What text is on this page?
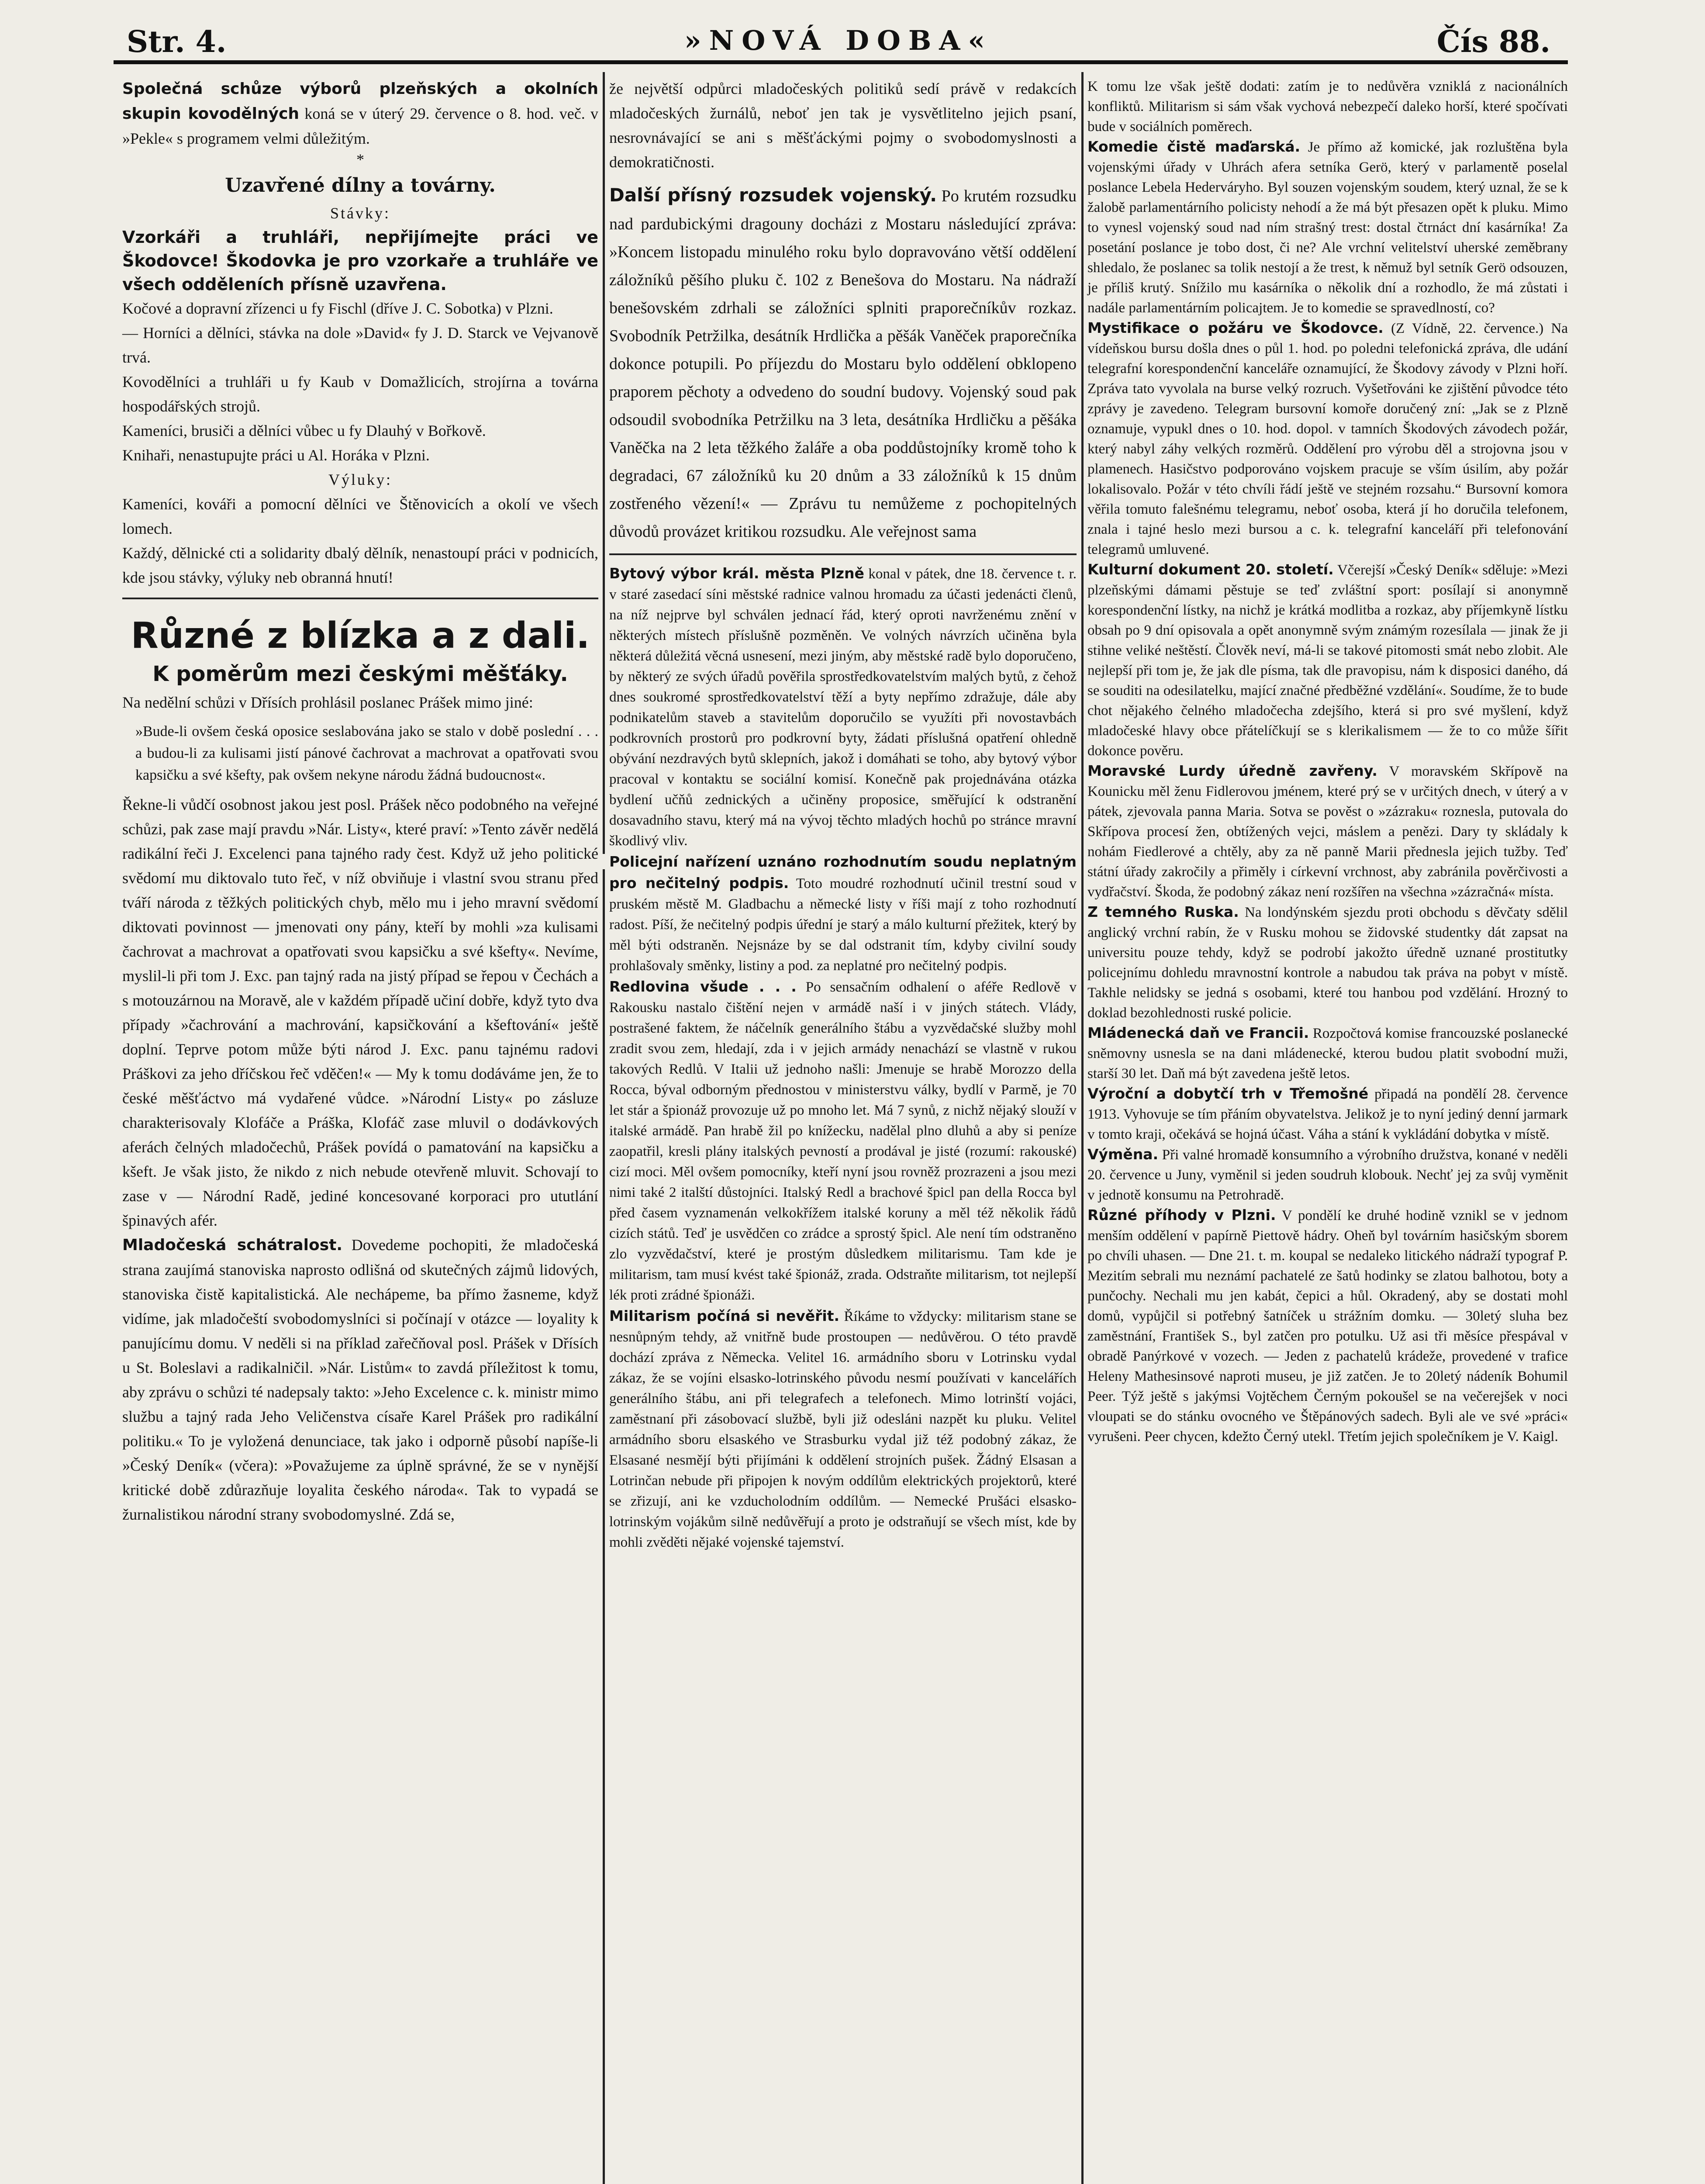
Str. 4.	»NOVÁ DOBA«	Čís 88.

Společná schůze výborů plzeňských a okolních skupin kovodělných koná se v úterý 29. července o 8. hod. več. v »Pekle« s programem velmi důležitým.

*
Uzavřené dílny a továrny.

Stávky:

Vzorkáři a truhláři, nepřijímejte práci ve Škodovce! Škodovka je pro vzorkaře a truhláře ve všech odděleních přísně uzavřena.

Kočové a dopravní zřízenci u fy Fischl (dříve J. C. Sobotka) v Plzni.

— Horníci a dělníci, stávka na dole »David« fy J. D. Starck ve Vejvanově trvá.

Kovodělníci a truhláři u fy Kaub v Domažlicích, strojírna a továrna hospodářských strojů.

Kameníci, brusiči a dělníci vůbec u fy Dlauhý v Bořkově.

Knihaři, nenastupujte práci u Al. Horáka v Plzni.

Výluky:

Kameníci, kováři a pomocní dělníci ve Štěnovicích a okolí ve všech lomech.

Každý, dělnické cti a solidarity dbalý dělník, nenastoupí práci v podnicích, kde jsou stávky, výluky neb obranná hnutí!

Různé z blízka a z dali.
K poměrům mezi českými měšťáky.

Na nedělní schůzi v Dřísích prohlásil poslanec Prášek mimo jiné:

»Bude-li ovšem česká oposice seslabována jako se stalo v době poslední . . . a budou-li za kulisami jistí pánové čachrovat a machrovat a opatřovati svou kapsičku a své kšefty, pak ovšem nekyne národu žádná budoucnost«.

Řekne-li vůdčí osobnost jakou jest posl. Prášek něco podobného na veřejné schůzi, pak zase mají pravdu »Nár. Listy«, které praví: »Tento závěr nedělá radikální řeči J. Excelenci pana tajného rady čest. Když už jeho politické svědomí mu diktovalo tuto řeč, v níž obviňuje i vlastní svou stranu před tváří národa z těžkých politických chyb, mělo mu i jeho mravní svědomí diktovati povinnost — jmenovati ony pány, kteří by mohli »za kulisami čachrovat a machrovat a opatřovati svou kapsičku a své kšefty«. Nevíme, myslil-li při tom J. Exc. pan tajný rada na jistý případ se řepou v Čechách a s motouzárnou na Moravě, ale v každém případě učiní dobře, když tyto dva případy »čachrování a machrování, kapsičkování a kšeftování« ještě doplní. Teprve potom může býti národ J. Exc. panu tajnému radovi Práškovi za jeho dříčskou řeč vděčen!« — My k tomu dodáváme jen, že to české měšťáctvo má vydařené vůdce. »Národní Listy« po zásluze charakterisovaly Klofáče a Práška, Klofáč zase mluvil o dodávkových aferách čelných mladočechů, Prášek povídá o pamatování na kapsičku a kšeft. Je však jisto, že nikdo z nich nebude otevřeně mluvit. Schovají to zase v — Národní Radě, jediné koncesované korporaci pro ututlání špinavých afér.

Mladočeská schátralost. Dovedeme pochopiti, že mladočeská strana zaujímá stanoviska naprosto odlišná od skutečných zájmů lidových, stanoviska čistě kapitalistická. Ale nechápeme, ba přímo žasneme, když vidíme, jak mladočeští svobodomyslníci si počínají v otázce — loyality k panujícímu domu. V neděli si na příklad zařečňoval posl. Prášek v Dřísích u St. Boleslavi a radikalničil. »Nár. Listům« to zavdá příležitost k tomu, aby zprávu o schůzi té nadepsaly takto: »Jeho Excelence c. k. ministr mimo službu a tajný rada Jeho Veličenstva císaře Karel Prášek pro radikální politiku.« To je vyložená denunciace, tak jako i odporně působí napíše-li »Český Deník« (včera): »Považujeme za úplně správné, že se v nynější kritické době zdůrazňuje loyalita českého národa«. Tak to vypadá se žurnalistikou národní strany svobodomyslné. Zdá se,

že největší odpůrci mladočeských politiků sedí právě v redakcích mladočeských žurnálů, neboť jen tak je vysvětlitelno jejich psaní, nesrovnávající se ani s měšťáckými pojmy o svobodomyslnosti a demokratičnosti.

Další přísný rozsudek vojenský. Po krutém rozsudku nad pardubickými dragouny docházi z Mostaru následující zpráva: »Koncem listopadu minulého roku bylo dopravováno větší oddělení záložníků pěšího pluku č. 102 z Benešova do Mostaru. Na nádraží benešovském zdrhali se záložníci splniti praporečníkův rozkaz. Svobodník Petržilka, desátník Hrdlička a pěšák Vaněček praporečníka dokonce potupili. Po příjezdu do Mostaru bylo oddělení obklopeno praporem pěchoty a odvedeno do soudní budovy. Vojenský soud pak odsoudil svobodníka Petržilku na 3 leta, desátníka Hrdličku a pěšáka Vaněčka na 2 leta těžkého žaláře a oba poddůstojníky kromě toho k degradaci, 67 záložníků ku 20 dnům a 33 záložníků k 15 dnům zostřeného vězení!« — Zprávu tu nemůžeme z pochopitelných důvodů provázet kritikou rozsudku. Ale veřejnost sama

Bytový výbor král. města Plzně konal v pátek, dne 18. července t. r. v staré zasedací síni městské radnice valnou hromadu za účasti jedenácti členů, na níž nejprve byl schválen jednací řád, který oproti navrženému znění v některých místech příslušně pozměněn. Ve volných návrzích učiněna byla některá důležitá věcná usnesení, mezi jiným, aby městské radě bylo doporučeno, by některý ze svých úřadů pověřila sprostředkovatelstvím malých bytů, z čehož dnes soukromé sprostředkovatelství těží a byty nepřímo zdražuje, dále aby podnikatelům staveb a stavitelům doporučilo se využíti při novostavbách podkrovních prostorů pro podkrovní byty, žádati příslušná opatření ohledně obývání nezdravých bytů sklepních, jakož i domáhati se toho, aby bytový výbor pracoval v kontaktu se sociální komisí. Konečně pak projednávána otázka bydlení učňů zednických a učiněny proposice, směřující k odstranění dosavadního stavu, který má na vývoj těchto mladých hochů po stránce mravní škodlivý vliv.

Policejní nařízení uznáno rozhodnutím soudu neplatným pro nečitelný podpis. Toto moudré rozhodnutí učinil trestní soud v pruském městě M. Gladbachu a německé listy v říši mají z toho rozhodnutí radost. Píší, že nečitelný podpis úřední je starý a málo kulturní přežitek, který by měl býti odstraněn. Nejsnáze by se dal odstranit tím, kdyby civilní soudy prohlašovaly směnky, listiny a pod. za neplatné pro nečitelný podpis.

Redlovina všude . . . Po sensačním odhalení o aféře Redlově v Rakousku nastalo čištění nejen v armádě naší i v jiných státech. Vlády, postrašené faktem, že náčelník generálního štábu a vyzvědačské služby mohl zradit svou zem, hledají, zda i v jejich armády nenachází se vlastně v rukou takových Redlů. V Italii už jednoho našli: Jmenuje se hrabě Morozzo della Rocca, býval odborným přednostou v ministerstvu války, bydlí v Parmě, je 70 let stár a špionáž provozuje už po mnoho let. Má 7 synů, z nichž nějaký slouží v italské armádě. Pan hrabě žil po knížecku, nadělal plno dluhů a aby si peníze zaopatřil, kresli plány italských pevností a prodával je jisté (rozumí: rakouské) cizí moci. Měl ovšem pomocníky, kteří nyní jsou rovněž prozrazeni a jsou mezi nimi také 2 italští důstojníci. Italský Redl a brachové špicl pan della Rocca byl před časem vyznamenán velkokřížem italské koruny a měl též několik řádů cizích států. Teď je usvědčen co zrádce a sprostý špicl. Ale není tím odstraněno zlo vyzvědačství, které je prostým důsledkem militarismu. Tam kde je militarism, tam musí kvést také špionáž, zrada. Odstraňte militarism, tot nejlepší lék proti zrádné špionáži.

Militarism počíná si nevěřit. Říkáme to vždycky: militarism stane se nesnůpným tehdy, až vnitřně bude prostoupen — nedůvěrou. O této pravdě dochází zpráva z Německa. Velitel 16. armádního sboru v Lotrinsku vydal zákaz, že se vojíni elsasko-lotrinského původu nesmí používati v kancelářích generálního štábu, ani při telegrafech a telefonech. Mimo lotrinští vojáci, zaměstnaní při zásobovací službě, byli již odesláni nazpět ku pluku. Velitel armádního sboru elsaského ve Strasburku vydal již též podobný zákaz, že Elsasané nesmějí býti přijímáni k oddělení strojních pušek. Žádný Elsasan a Lotrinčan nebude při připojen k novým oddílům elektrických projektorů, které se zřizují, ani ke vzducholodním oddílům. — Nemecké Prušáci elsasko-lotrinským vojákům silně nedůvěřují a proto je odstraňují se všech míst, kde by mohli zvěděti nějaké vojenské tajemství.

K tomu lze však ještě dodati: zatím je to nedůvěra vzniklá z nacionálních konfliktů. Militarism si sám však vychová nebezpečí daleko horší, které spočívati bude v sociálních poměrech.

Komedie čistě maďarská. Je přímo až komické, jak rozluštěna byla vojenskými úřady v Uhrách afera setníka Gerö, který v parlamentě poselal poslance Lebela Hederváryho. Byl souzen vojenským soudem, který uznal, že se k žalobě parlamentárního policisty nehodí a že má být přesazen opět k pluku. Mimo to vynesl vojenský soud nad ním strašný trest: dostal čtrnáct dní kasárníka! Za posetání poslance je tobo dost, či ne? Ale vrchní velitelství uherské zeměbrany shledalo, že poslanec sa tolik nestojí a že trest, k němuž byl setník Gerö odsouzen, je příliš krutý. Snížilo mu kasárníka o několik dní a rozhodlo, že má zůstati i nadále parlamentárním policajtem. Je to komedie se spravedlností, co?

Mystifikace o požáru ve Škodovce. (Z Vídně, 22. července.) Na vídeňskou bursu došla dnes o půl 1. hod. po poledni telefonická zpráva, dle udání telegrafní korespondenční kanceláře oznamující, že Škodovy závody v Plzni hoří. Zpráva tato vyvolala na burse velký rozruch. Vyšetřováni ke zjištění původce této zprávy je zavedeno. Telegram bursovní komoře doručený zní: „Jak se z Plzně oznamuje, vypukl dnes o 10. hod. dopol. v tamních Škodových závodech požár, který nabyl záhy velkých rozměrů. Oddělení pro výrobu děl a strojovna jsou v plamenech. Hasičstvo podporováno vojskem pracuje se vším úsilím, aby požár lokalisovalo. Požár v této chvíli řádí ještě ve stejném rozsahu.“ Bursovní komora věřila tomuto falešnému telegramu, neboť osoba, která jí ho doručila telefonem, znala i tajné heslo mezi bursou a c. k. telegrafní kanceláří při telefonování telegramů umluvené.

Kulturní dokument 20. století. Včerejší »Český Deník« sděluje: »Mezi plzeňskými dámami pěstuje se teď zvláštní sport: posílají si anonymně korespondenční lístky, na nichž je krátká modlitba a rozkaz, aby příjemkyně lístku obsah po 9 dní opisovala a opět anonymně svým známým rozesílala — jinak že ji stihne veliké neštěstí. Člověk neví, má-li se takové pitomosti smát nebo zlobit. Ale nejlepší při tom je, že jak dle písma, tak dle pravopisu, nám k disposici daného, dá se souditi na odesilatelku, mající značné předběžné vzdělání«. Soudíme, že to bude chot nějakého čelného mladočecha zdejšího, která si pro své myšlení, když mladočeské hlavy obce přátelíčkují se s klerikalismem — že to co může šířit dokonce pověru.

Moravské Lurdy úředně zavřeny. V moravském Skřípově na Kounicku měl ženu Fidlerovou jménem, které prý se v určitých dnech, v úterý a v pátek, zjevovala panna Maria. Sotva se pověst o »zázraku« roznesla, putovala do Skřípova procesí žen, obtížených vejci, máslem a penězi. Dary ty skládaly k nohám Fiedlerové a chtěly, aby za ně panně Marii přednesla jejich tužby. Teď státní úřady zakročily a přiměly i církevní vrchnost, aby zabránila pověrčivosti a vydřačství. Škoda, že podobný zákaz není rozšířen na všechna »zázračná« místa.

Z temného Ruska. Na londýnském sjezdu proti obchodu s děvčaty sdělil anglický vrchní rabín, že v Rusku mohou se židovské studentky dát zapsat na universitu pouze tehdy, když se podrobí jakožto úředně uznané prostitutky policejnímu dohledu mravnostní kontrole a nabudou tak práva na pobyt v místě. Takhle nelidsky se jedná s osobami, které tou hanbou pod vzdělání. Hrozný to doklad bezohlednosti ruské policie.

Mládenecká daň ve Francii. Rozpočtová komise francouzské poslanecké sněmovny usnesla se na dani mládenecké, kterou budou platit svobodní muži, starší 30 let. Daň má být zavedena ještě letos.

Výroční a dobytčí trh v Třemošné připadá na pondělí 28. července 1913. Vyhovuje se tím přáním obyvatelstva. Jelikož je to nyní jediný denní jarmark v tomto kraji, očekává se hojná účast. Váha a stání k vykládání dobytka v místě.

Výměna. Při valné hromadě konsumního a výrobního družstva, konané v neděli 20. července u Juny, vyměnil si jeden soudruh klobouk. Nechť jej za svůj vyměnit v jednotě konsumu na Petrohradě.

Různé příhody v Plzni. V pondělí ke druhé hodině vznikl se v jednom menším oddělení v papírně Piettově hádry. Oheň byl továrním hasičským sborem po chvíli uhasen. — Dne 21. t. m. koupal se nedaleko litického nádraží typograf P. Mezitím sebrali mu neznámí pachatelé ze šatů hodinky se zlatou balhotou, boty a punčochy. Nechali mu jen kabát, čepici a hůl. Okradený, aby se dostati mohl domů, vypůjčil si potřebný šatníček u strážním domku. — 30letý sluha bez zaměstnání, František S., byl zatčen pro potulku. Už asi tři měsíce přespával v obradě Panýrkové v vozech. — Jeden z pachatelů krádeže, provedené v trafice Heleny Mathesinsové naproti museu, je již zatčen. Je to 20letý nádeník Bohumil Peer. Týž ještě s jakýmsi Vojtěchem Černým pokoušel se na večerejšek v noci vloupati se do stánku ovocného ve Štěpánových sadech. Byli ale ve své »práci« vyrušeni. Peer chycen, kdežto Černý utekl. Třetím jejich společníkem je V. Kaigl.
